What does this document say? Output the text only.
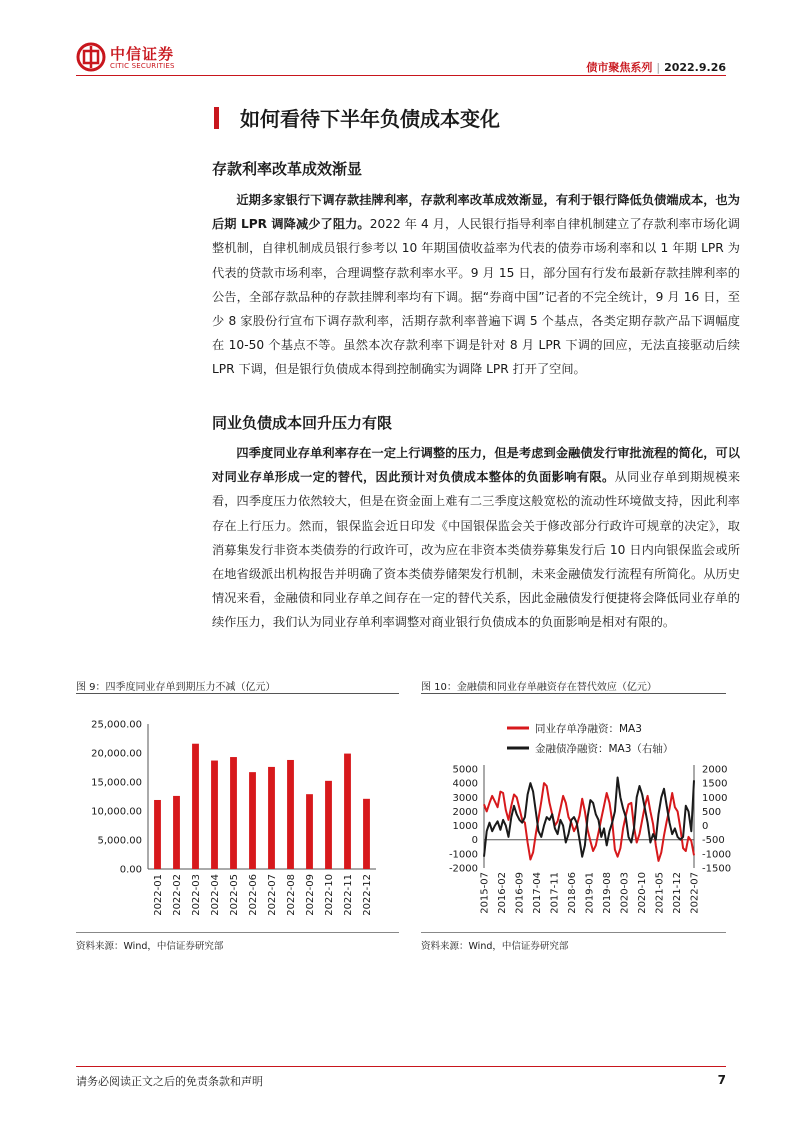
中信证券
CITIC SECURITIES	债市聚焦系列 | 2022.9.26
如何看待下半年负债成本变化
存款利率改革成效渐显

近期多家银行下调存款挂牌利率，存款利率改革成效渐显，有利于银行降低负债端成本，也为后期 LPR 调降减少了阻力。2022 年 4 月，人民银行指导利率自律机制建立了存款利率市场化调整机制，自律机制成员银行参考以 10 年期国债收益率为代表的债券市场利率和以 1 年期 LPR 为代表的贷款市场利率，合理调整存款利率水平。9 月 15 日，部分国有行发布最新存款挂牌利率的公告，全部存款品种的存款挂牌利率均有下调。据“券商中国”记者的不完全统计，9 月 16 日，至少 8 家股份行宣布下调存款利率，活期存款利率普遍下调 5 个基点，各类定期存款产品下调幅度在 10-50 个基点不等。虽然本次存款利率下调是针对 8 月 LPR 下调的回应，无法直接驱动后续 LPR 下调，但是银行负债成本得到控制确实为调降 LPR 打开了空间。

同业负债成本回升压力有限

四季度同业存单利率存在一定上行调整的压力，但是考虑到金融债发行审批流程的简化，可以对同业存单形成一定的替代，因此预计对负债成本整体的负面影响有限。从同业存单到期规模来看，四季度压力依然较大，但是在资金面上难有二三季度这般宽松的流动性环境做支持，因此利率存在上行压力。然而，银保监会近日印发《中国银保监会关于修改部分行政许可规章的决定》，取消募集发行非资本类债券的行政许可，改为应在非资本类债券募集发行后 10 日内向银保监会或所在地省级派出机构报告并明确了资本类债券储架发行机制，未来金融债发行流程有所简化。从历史情况来看，金融债和同业存单之间存在一定的替代关系，因此金融债发行便捷将会降低同业存单的续作压力，我们认为同业存单利率调整对商业银行负债成本的负面影响是相对有限的。

图 9：四季度同业存单到期压力不减（亿元）
25,000.00
20,000.00
15,000.00
10,000.00
5,000.00
0.00
2022-01 2022-02 2022-03 2022-04 2022-05 2022-06 2022-07 2022-08 2022-09 2022-10 2022-11 2022-12
资料来源：Wind，中信证券研究部
图 10：金融债和同业存单融资存在替代效应（亿元）
同业存单净融资：MA3
金融债净融资：MA3（右轴）
5000
4000
3000
2000
1000
0
-1000
-2000
2000
1500
1000
500
0
-500
-1000
-1500
2015-07 2016-02 2016-09 2017-04 2017-11 2018-06 2019-01 2019-08 2020-03 2020-10 2021-05 2021-12 2022-07
资料来源：Wind，中信证券研究部
请务必阅读正文之后的免责条款和声明	7
